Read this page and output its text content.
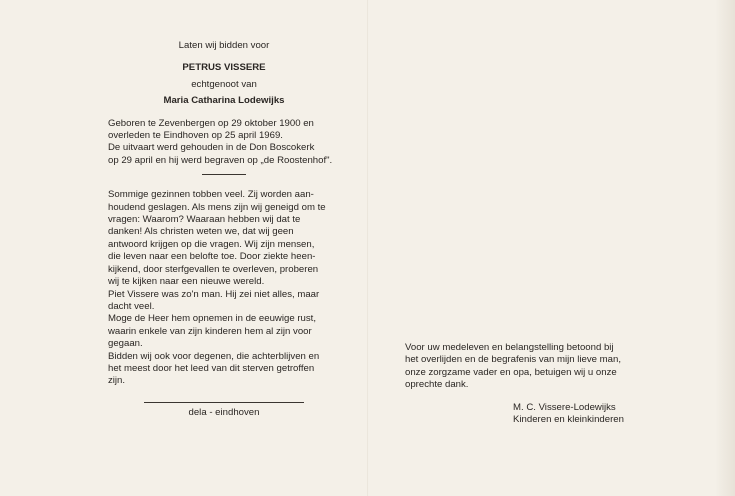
Laten wij bidden voor
PETRUS VISSERE
echtgenoot van
Maria Catharina Lodewijks
Geboren te Zevenbergen op 29 oktober 1900 en
overleden te Eindhoven op 25 april 1969.
De uitvaart werd gehouden in de Don Boscokerk
op 29 april en hij werd begraven op „de Roostenhof".
Sommige gezinnen tobben veel. Zij worden aan-
houdend geslagen. Als mens zijn wij geneigd om te
vragen: Waarom? Waaraan hebben wij dat te
danken! Als christen weten we, dat wij geen
antwoord krijgen op die vragen. Wij zijn mensen,
die leven naar een belofte toe. Door ziekte heen-
kijkend, door sterfgevallen te overleven, proberen
wij te kijken naar een nieuwe wereld.
Piet Vissere was zo'n man. Hij zei niet alles, maar
dacht veel.
Moge de Heer hem opnemen in de eeuwige rust,
waarin enkele van zijn kinderen hem al zijn voor
gegaan.
Bidden wij ook voor degenen, die achterblijven en
het meest door het leed van dit sterven getroffen
zijn.
dela - eindhoven
Voor uw medeleven en belangstelling betoond bij
het overlijden en de begrafenis van mijn lieve man,
onze zorgzame vader en opa, betuigen wij u onze
oprechte dank.
M. C. Vissere-Lodewijks
Kinderen en kleinkinderen
